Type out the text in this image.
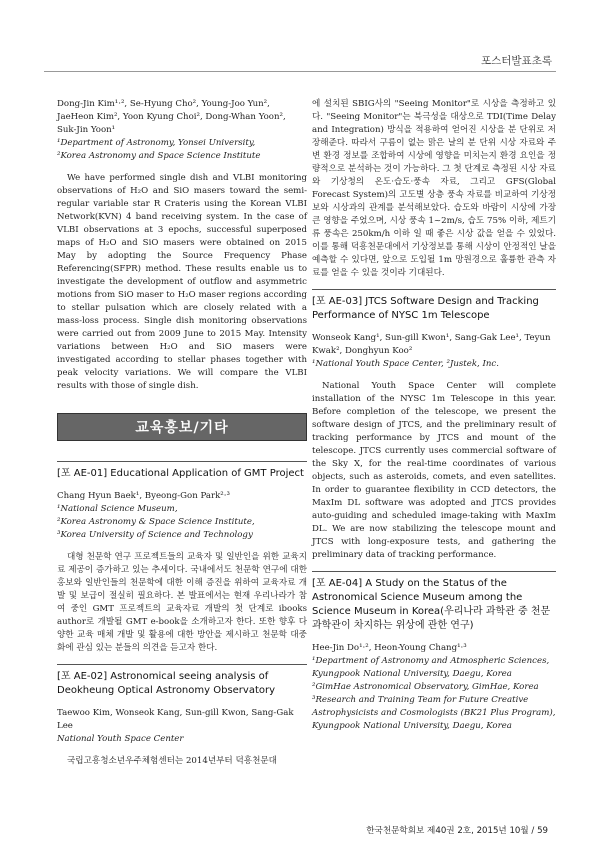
포스터발표초록
Dong-Jin Kim¹·², Se-Hyung Cho², Young-Joo Yun², JaeHeon Kim², Yoon Kyung Choi², Dong-Whan Yoon², Suk-Jin Yoon¹
¹Department of Astronomy, Yonsei University,
²Korea Astronomy and Space Science Institute

We have performed single dish and VLBI monitoring observations of H₂O and SiO masers toward the semi-regular variable star R Crateris using the Korean VLBI Network(KVN) 4 band receiving system. In the case of VLBI observations at 3 epochs, successful superposed maps of H₂O and SiO masers were obtained on 2015 May by adopting the Source Frequency Phase Referencing(SFPR) method. These results enable us to investigate the development of outflow and asymmetric motions from SiO maser to H₂O maser regions according to stellar pulsation which are closely related with a mass-loss process. Single dish monitoring observations were carried out from 2009 June to 2015 May. Intensity variations between H₂O and SiO masers were investigated according to stellar phases together with peak velocity variations. We will compare the VLBI results with those of single dish.

교육홍보/기타
[포 AE-01] Educational Application of GMT Project
Chang Hyun Baek¹, Byeong-Gon Park²·³
¹National Science Museum,
²Korea Astronomy & Space Science Institute,
³Korea University of Science and Technology

대형 천문학 연구 프로젝트들의 교육자 및 일반인을 위한 교육지료 제공이 증가하고 있는 추세이다. 국내에서도 천문학 연구에 대한 홍보와 일반인들의 천문학에 대한 이해 증진을 위하여 교육자료 개발 및 보급이 절실히 필요하다. 본 발표에서는 현재 우리나라가 참여 중인 GMT 프로젝트의 교육자료 개발의 첫 단계로 ibooks author로 개발될 GMT e-book을 소개하고자 한다. 또한 향후 다양한 교육 매체 개발 및 활용에 대한 방안을 제시하고 천문학 대중화에 관심 있는 분들의 의견을 듣고자 한다.

[포 AE-02] Astronomical seeing analysis of Deokheung Optical Astronomy Observatory
Taewoo Kim, Wonseok Kang, Sun-gill Kwon, Sang-Gak Lee
National Youth Space Center

국립고흥청소년우주체험센터는 2014년부터 덕흥천문대

에 설치된 SBIG사의 "Seeing Monitor"로 시상을 측정하고 있다. "Seeing Monitor"는 북극성을 대상으로 TDI(Time Delay and Integration) 방식을 적용하여 얻어진 시상을 분 단위로 저장해준다. 따라서 구름이 없는 맑은 날의 분 단위 시상 자료와 주변 환경 정보를 조합하여 시상에 영향을 미치는지 환경 요인을 정량적으로 분석하는 것이 가능하다. 그 첫 단계로 측정된 시상 자료와 기상청의 온도·습도·풍속 자료, 그리고 GFS(Global Forecast System)의 고도별 상층 풍속 자료를 비교하여 기상정보와 시상과의 관계를 분석해보았다. 습도와 바람이 시상에 가장 큰 영향을 주었으며, 시상 풍속 1~2m/s, 습도 75% 이하, 제트기류 풍속은 250km/h 이하 일 때 좋은 시상 값을 얻을 수 있었다. 이를 통해 덕흥천문대에서 기상정보를 통해 시상이 안정적인 날을 예측할 수 있다면, 앞으로 도입될 1m 망원경으로 훌륭한 관측 자료를 얻을 수 있을 것이라 기대된다.

[포 AE-03] JTCS Software Design and Tracking Performance of NYSC 1m Telescope
Wonseok Kang¹, Sun-gill Kwon¹, Sang-Gak Lee¹, Teyun Kwak², Donghyun Koo²
¹National Youth Space Center, ²Justek, Inc.

National Youth Space Center will complete installation of the NYSC 1m Telescope in this year. Before completion of the telescope, we present the software design of JTCS, and the preliminary result of tracking performance by JTCS and mount of the telescope. JTCS currently uses commercial software of the Sky X, for the real-time coordinates of various objects, such as asteroids, comets, and even satellites. In order to guarantee flexibility in CCD detectors, the MaxIm DL software was adopted and JTCS provides auto-guiding and scheduled image-taking with MaxIm DL. We are now stabilizing the telescope mount and JTCS with long-exposure tests, and gathering the preliminary data of tracking performance.

[포 AE-04] A Study on the Status of the Astronomical Science Museum among the Science Museum in Korea(우리나라 과학관 중 천문과학관이 차지하는 위상에 관한 연구)
Hee-Jin Do¹·², Heon-Young Chang¹·³
¹Department of Astronomy and Atmospheric Sciences, Kyungpook National University, Daegu, Korea
²GimHae Astronomical Observatory, GimHae, Korea
³Research and Training Team for Future Creative Astrophysicists and Cosmologists (BK21 Plus Program), Kyungpook National University, Daegu, Korea
한국천문학회보 제40권 2호, 2015년 10월 / 59
